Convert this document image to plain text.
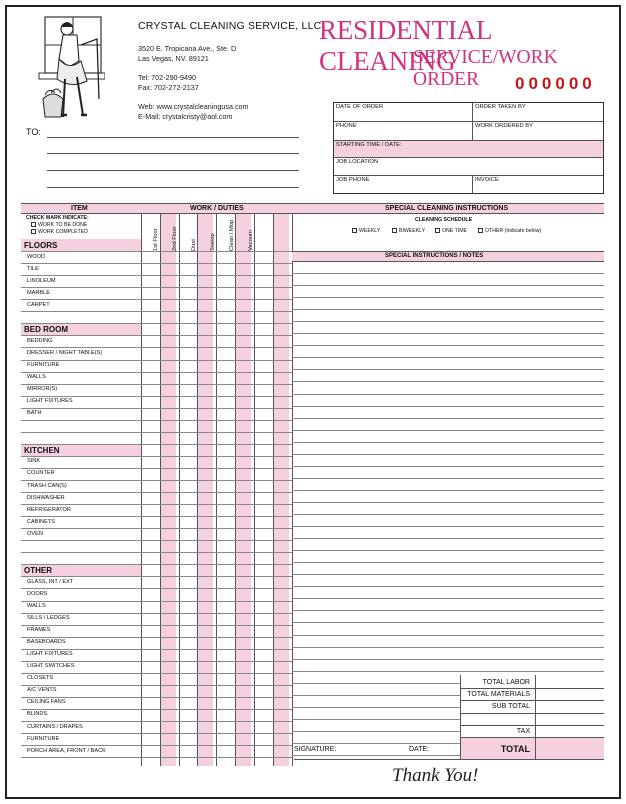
CRYSTAL CLEANING SERVICE, LLC.
3520 E. Tropicana Ave., Ste. D
Las Vegas, NV. 89121
Tel: 702-290-9490
Fax: 702-272-2137
Web: www.crystalcleaningusa.com
E-Mail: crystalcristy@aol.com
RESIDENTIAL CLEANING
SERVICE/WORK ORDER	000000
TO:
DATE OF ORDER	ORDER TAKEN BY
PHONE	WORK ORDERED BY
STARTING TIME / DATE:
JOB LOCATION
JOB PHONE	INVOICE
ITEM	WORK / DUTIES	SPECIAL CLEANING INSTRUCTIONS
CHECK MARK INDICATE:
WORK TO BE DONE
WORK COMPLETED	1st Floor 2nd Floor Dust Sweep Clean / Mop Vacuum
FLOORS
WOOD
TILE
LINOLEUM
MARBLE
CARPET
BED ROOM
BEDDING
DRESSER / NIGHT TABLE(S)
FURNITURE
WALLS
MIRROR(S)
LIGHT FIXTURES
BATH
KITCHEN
SINK
COUNTER
TRASH CAN(S)
DISHWASHER
REFRIGERATOR
CABINETS
OVEN
OTHER
GLASS, INT / EXT
DOORS
WALLS
SILLS / LEDGES
FRAMES
BASEBOARDS
LIGHT FIXTURES
LIGHT SWITCHES
CLOSETS
A/C VENTS
CEILING FANS
BLINDS
CURTAINS / DRAPES
FURNITURE
PORCH AREA, FRONT / BACK
CLEANING SCHEDULE
WEEKLY	BIWEEKLY	ONE TIME	OTHER (Indicate below)
SPECIAL INSTRUCTIONS / NOTES
TOTAL LABOR
TOTAL MATERIALS
SUB TOTAL
TAX
TOTAL
SIGNATURE:	DATE:
Thank You!
